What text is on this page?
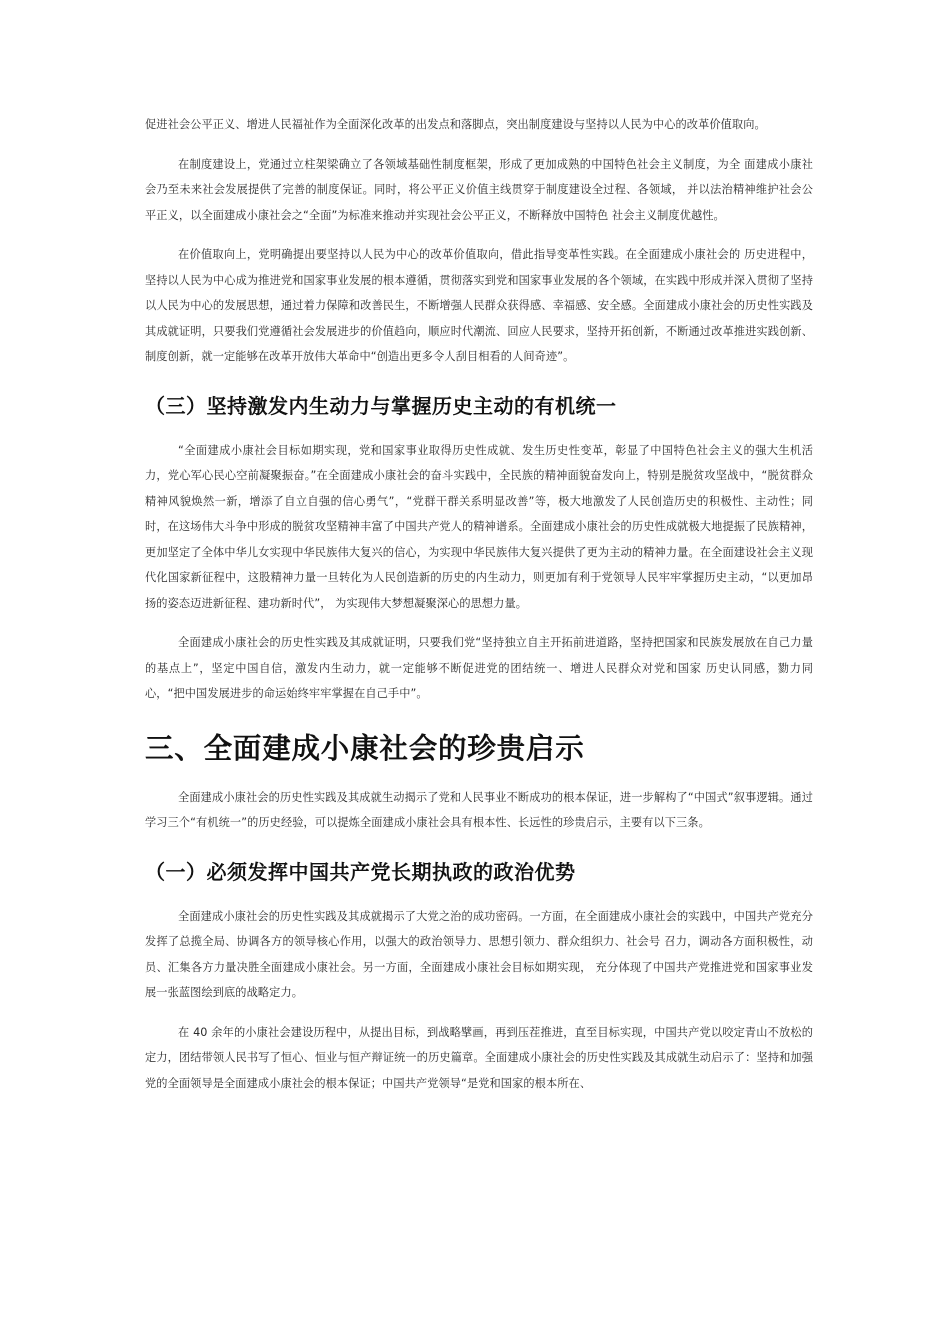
促进社会公平正义、增进人民福祉作为全面深化改革的出发点和落脚点，突出制度建设与坚持以人民为中心的改革价值取向。

在制度建设上，党通过立柱架梁确立了各领域基础性制度框架，形成了更加成熟的中国特色社会主义制度，为全 面建成小康社会乃至未来社会发展提供了完善的制度保证。同时，将公平正义价值主线贯穿于制度建设全过程、各领域， 并以法治精神维护社会公平正义，以全面建成小康社会之“全面”为标准来推动并实现社会公平正义，不断释放中国特色 社会主义制度优越性。

在价值取向上，党明确提出要坚持以人民为中心的改革价值取向，借此指导变革性实践。在全面建成小康社会的 历史进程中，坚持以人民为中心成为推进党和国家事业发展的根本遵循，贯彻落实到党和国家事业发展的各个领域，在实践中形成并深入贯彻了坚持以人民为中心的发展思想，通过着力保障和改善民生，不断增强人民群众获得感、幸福感、安全感。全面建成小康社会的历史性实践及其成就证明，只要我们党遵循社会发展进步的价值趋向，顺应时代潮流、回应人民要求，坚持开拓创新，不断通过改革推进实践创新、制度创新，就一定能够在改革开放伟大革命中“创造出更多令人刮目相看的人间奇迹”。

（三）坚持激发内生动力与掌握历史主动的有机统一

“全面建成小康社会目标如期实现，党和国家事业取得历史性成就、发生历史性变革，彰显了中国特色社会主义的强大生机活力，党心军心民心空前凝聚振奋。”在全面建成小康社会的奋斗实践中，全民族的精神面貌奋发向上，特别是脱贫攻坚战中，“脱贫群众精神风貌焕然一新，增添了自立自强的信心勇气”，“党群干群关系明显改善”等，极大地激发了人民创造历史的积极性、主动性；同时，在这场伟大斗争中形成的脱贫攻坚精神丰富了中国共产党人的精神谱系。全面建成小康社会的历史性成就极大地提振了民族精神，更加坚定了全体中华儿女实现中华民族伟大复兴的信心，为实现中华民族伟大复兴提供了更为主动的精神力量。在全面建设社会主义现代化国家新征程中，这股精神力量一旦转化为人民创造新的历史的内生动力，则更加有利于党领导人民牢牢掌握历史主动，“以更加昂扬的姿态迈进新征程、建功新时代”， 为实现伟大梦想凝聚深心的思想力量。

全面建成小康社会的历史性实践及其成就证明，只要我们党“坚持独立自主开拓前进道路，坚持把国家和民族发展放在自己力量的基点上”，坚定中国自信，激发内生动力，就一定能够不断促进党的团结统一、增进人民群众对党和国家 历史认同感，勠力同心，“把中国发展进步的命运始终牢牢掌握在自己手中”。

三、全面建成小康社会的珍贵启示

全面建成小康社会的历史性实践及其成就生动揭示了党和人民事业不断成功的根本保证，进一步解构了“中国式”叙事逻辑。通过学习三个“有机统一”的历史经验，可以提炼全面建成小康社会具有根本性、长远性的珍贵启示，主要有以下三条。

（一）必须发挥中国共产党长期执政的政治优势

全面建成小康社会的历史性实践及其成就揭示了大党之治的成功密码。一方面，在全面建成小康社会的实践中，中国共产党充分发挥了总揽全局、协调各方的领导核心作用，以强大的政治领导力、思想引领力、群众组织力、社会号 召力，调动各方面积极性，动员、汇集各方力量决胜全面建成小康社会。另一方面，全面建成小康社会目标如期实现， 充分体现了中国共产党推进党和国家事业发展一张蓝图绘到底的战略定力。

在 40 余年的小康社会建设历程中，从提出目标，到战略擘画，再到压茬推进，直至目标实现，中国共产党以咬定青山不放松的定力，团结带领人民书写了恒心、恒业与恒产辩证统一的历史篇章。全面建成小康社会的历史性实践及其成就生动启示了：坚持和加强党的全面领导是全面建成小康社会的根本保证；中国共产党领导“是党和国家的根本所在、
